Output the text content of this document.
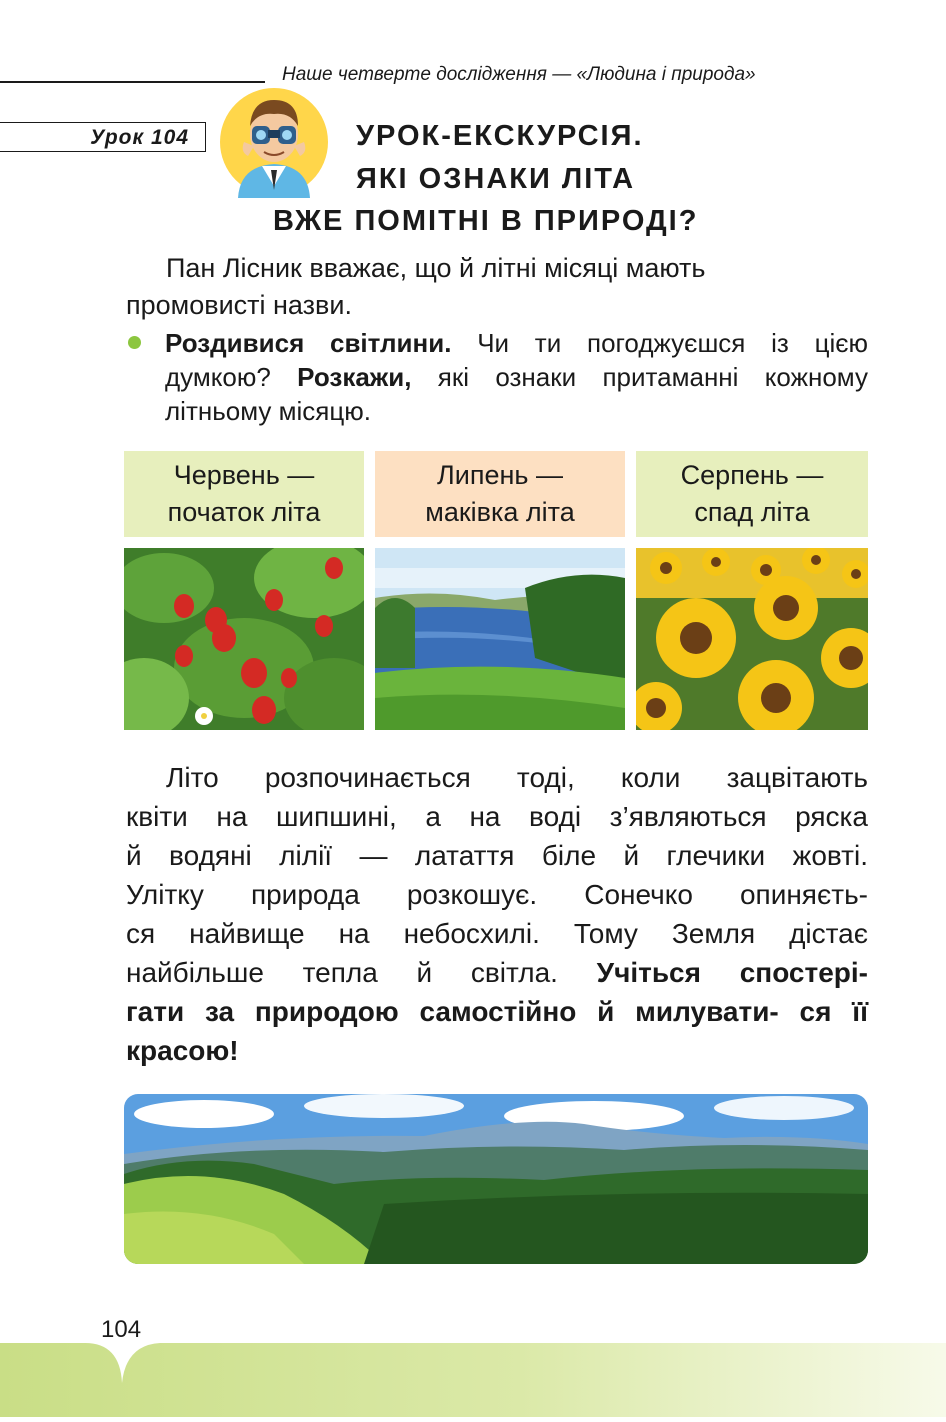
Наше четверте дослідження — «Людина і природа»
Урок 104	УРОК-ЕКСКУРСІЯ.
ЯКІ ОЗНАКИ ЛІТА
ВЖЕ ПОМІТНІ В ПРИРОДІ?
Пан Лісник вважає, що й літні місяці мають
промовисті назви.
Роздивися світлини. Чи ти погоджуєшся із цією думкою? Розкажи, які ознаки притаманні кожному літньому місяцю.
Червень —
початок літа
Липень —
маківка літа
Серпень —
спад літа
Літо розпочинається тоді, коли зацвітають
квіти на шипшині, а на воді з’являються ряска
й водяні лілії — латаття біле й глечики жовті.
Улітку природа розкошує. Сонечко опиняєть-
ся найвище на небосхилі. Тому Земля дістає
найбільше тепла й світла. Учіться спостері-
гати за природою самостійно й милувати- ся її красою!
104
